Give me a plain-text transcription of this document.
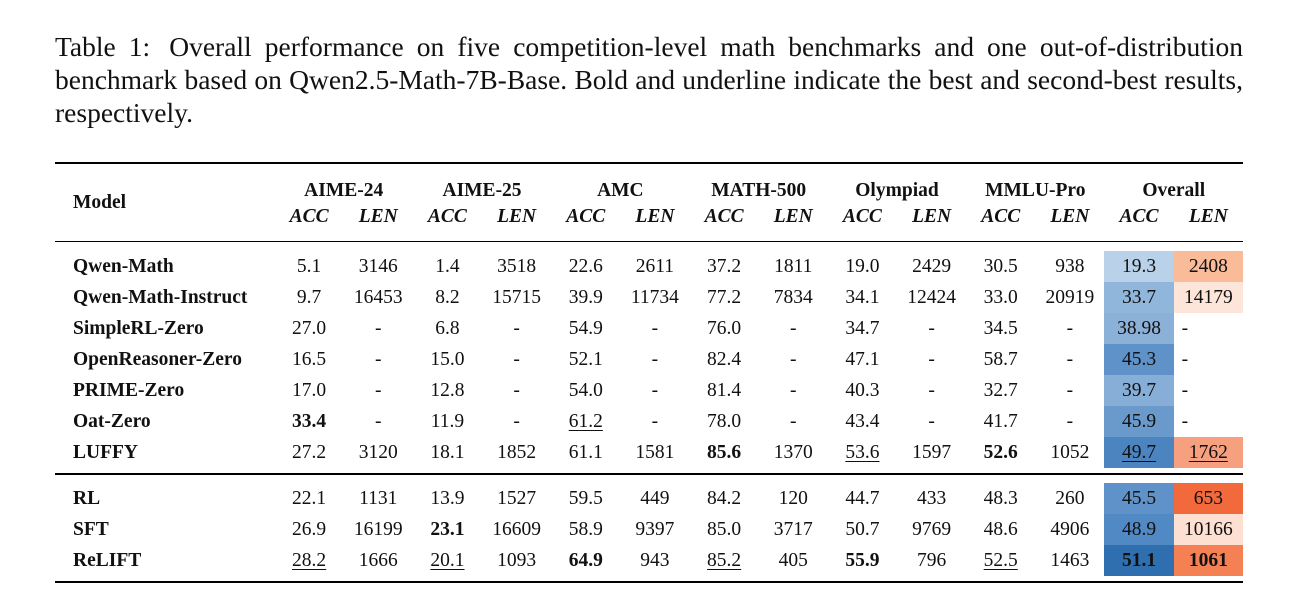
Table 1: Overall performance on five competition-level math benchmarks and one out-of-distribution benchmark based on Qwen2.5-Math-7B-Base. Bold and underline indicate the best and second-best results, respectively.

Model	AIME-24		AIME-25		AMC		MATH-500		Olympiad		MMLU-Pro		Overall	
	ACC	LEN	ACC	LEN	ACC	LEN	ACC	LEN	ACC	LEN	ACC	LEN	ACC	LEN

Qwen-Math	5.1	3146	1.4	3518	22.6	2611	37.2	1811	19.0	2429	30.5	938	19.3	2408
Qwen-Math-Instruct	9.7	16453	8.2	15715	39.9	11734	77.2	7834	34.1	12424	33.0	20919	33.7	14179
SimpleRL-Zero	27.0	-	6.8	-	54.9	-	76.0	-	34.7	-	34.5	-	38.98	-
OpenReasoner-Zero	16.5	-	15.0	-	52.1	-	82.4	-	47.1	-	58.7	-	45.3	-
PRIME-Zero	17.0	-	12.8	-	54.0	-	81.4	-	40.3	-	32.7	-	39.7	-
Oat-Zero	33.4	-	11.9	-	61.2	-	78.0	-	43.4	-	41.7	-	45.9	-
LUFFY	27.2	3120	18.1	1852	61.1	1581	85.6	1370	53.6	1597	52.6	1052	49.7	1762

RL	22.1	1131	13.9	1527	59.5	449	84.2	120	44.7	433	48.3	260	45.5	653
SFT	26.9	16199	23.1	16609	58.9	9397	85.0	3717	50.7	9769	48.6	4906	48.9	10166
ReLIFT	28.2	1666	20.1	1093	64.9	943	85.2	405	55.9	796	52.5	1463	51.1	1061
